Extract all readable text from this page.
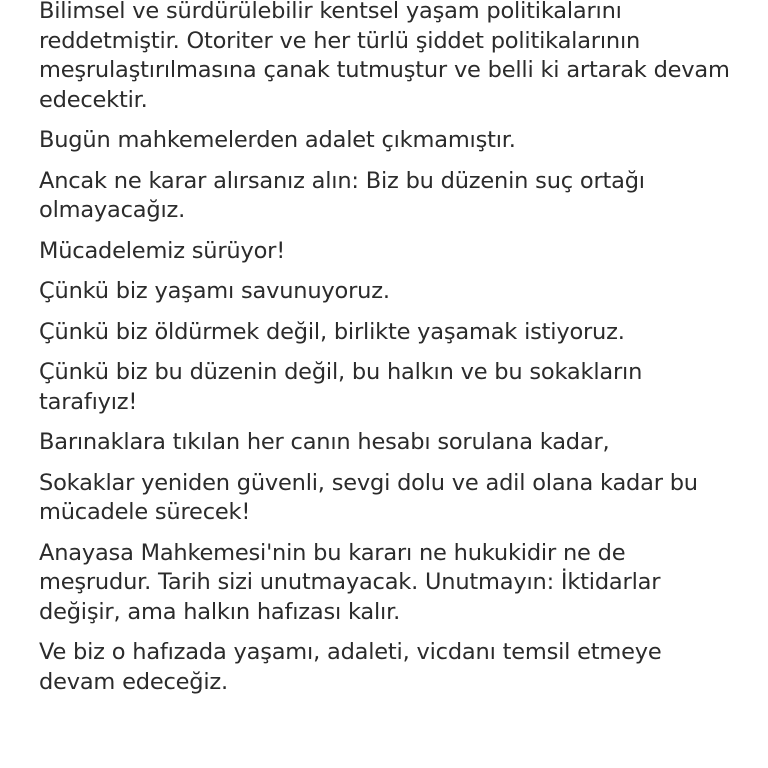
Bilimsel ve sürdürülebilir kentsel yaşam politikalarını reddetmiştir. Otoriter ve her türlü şiddet politikalarının meşrulaştırılmasına çanak tutmuştur ve belli ki artarak devam edecektir.

Bugün mahkemelerden adalet çıkmamıştır.

Ancak ne karar alırsanız alın: Biz bu düzenin suç ortağı olmayacağız.

Mücadelemiz sürüyor!

Çünkü biz yaşamı savunuyoruz.

Çünkü biz öldürmek değil, birlikte yaşamak istiyoruz.

Çünkü biz bu düzenin değil, bu halkın ve bu sokakların tarafıyız!

Barınaklara tıkılan her canın hesabı sorulana kadar,

Sokaklar yeniden güvenli, sevgi dolu ve adil olana kadar bu mücadele sürecek!

Anayasa Mahkemesi'nin bu kararı ne hukukidir ne de meşrudur. Tarih sizi unutmayacak. Unutmayın: İktidarlar değişir, ama halkın hafızası kalır.

Ve biz o hafızada yaşamı, adaleti, vicdanı temsil etmeye devam edeceğiz.
